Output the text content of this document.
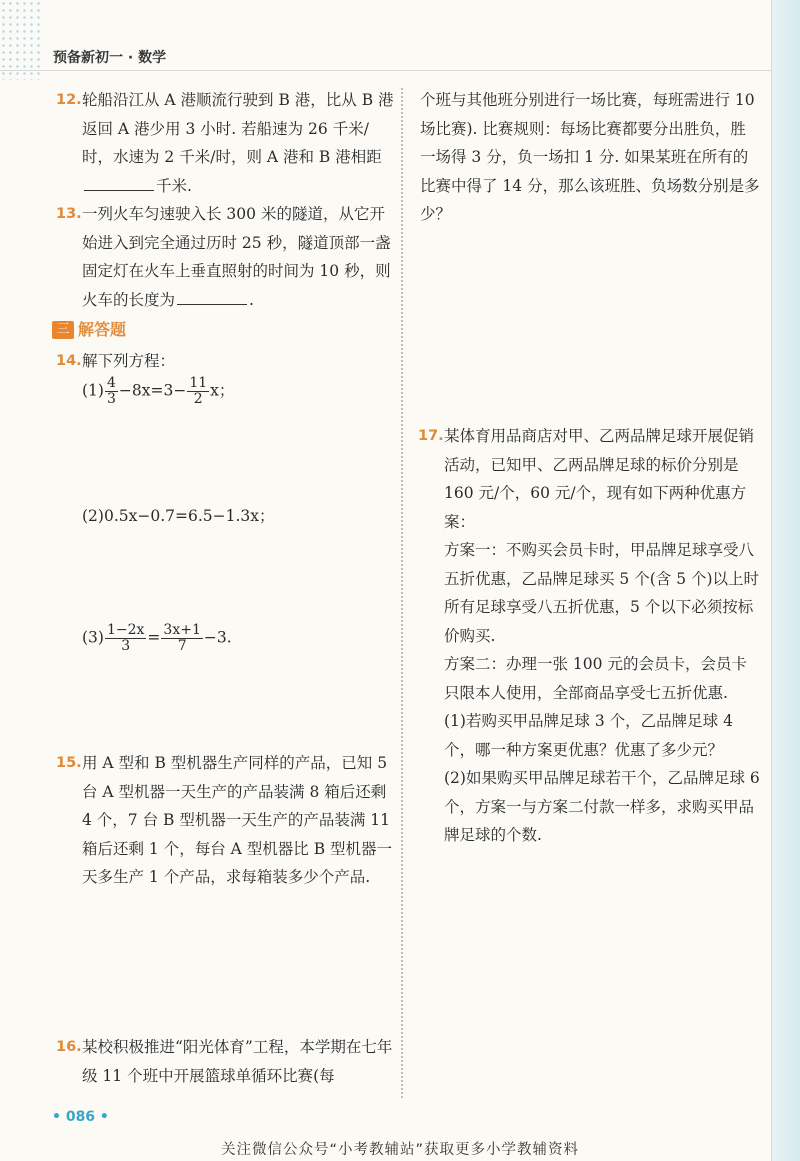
预备新初一 · 数学
12. 轮船沿江从 A 港顺流行驶到 B 港，比从 B 港返回 A 港少用 3 小时. 若船速为 26 千米/时，水速为 2 千米/时，则 A 港和 B 港相距千米.
13. 一列火车匀速驶入长 300 米的隧道，从它开始进入到完全通过历时 25 秒，隧道顶部一盏固定灯在火车上垂直照射的时间为 10 秒，则火车的长度为	.
三 解答题
14. 解下列方程：
$(1) \frac{4}{3} -8x=3- \frac{11}{2}$ x；
(2)0.5x−0.7=6.5−1.3x；
$(3) \frac{1-2x}{3} = \frac{3x+1}{7} -3$.
15. 用 A 型和 B 型机器生产同样的产品，已知 5 台 A 型机器一天生产的产品装满 8 箱后还剩 4 个，7 台 B 型机器一天生产的产品装满 11 箱后还剩 1 个，每台 A 型机器比 B 型机器一天多生产 1 个产品，求每箱装多少个产品.
16. 某校积极推进“阳光体育”工程，本学期在七年级 11 个班中开展篮球单循环比赛(每
个班与其他班分别进行一场比赛，每班需进行 10 场比赛). 比赛规则：每场比赛都要分出胜负，胜一场得 3 分，负一场扣 1 分. 如果某班在所有的比赛中得了 14 分，那么该班胜、负场数分别是多少？
17. 某体育用品商店对甲、乙两品牌足球开展促销活动，已知甲、乙两品牌足球的标价分别是 160 元/个，60 元/个，现有如下两种优惠方案：
方案一：不购买会员卡时，甲品牌足球享受八五折优惠，乙品牌足球买 5 个(含 5 个)以上时所有足球享受八五折优惠，5 个以下必须按标价购买.
方案二：办理一张 100 元的会员卡，会员卡只限本人使用，全部商品享受七五折优惠.
(1)若购买甲品牌足球 3 个，乙品牌足球 4 个，哪一种方案更优惠？优惠了多少元？
(2)如果购买甲品牌足球若干个，乙品牌足球 6 个，方案一与方案二付款一样多，求购买甲品牌足球的个数.
• 086 •
关注微信公众号“小考教辅站”获取更多小学教辅资料
